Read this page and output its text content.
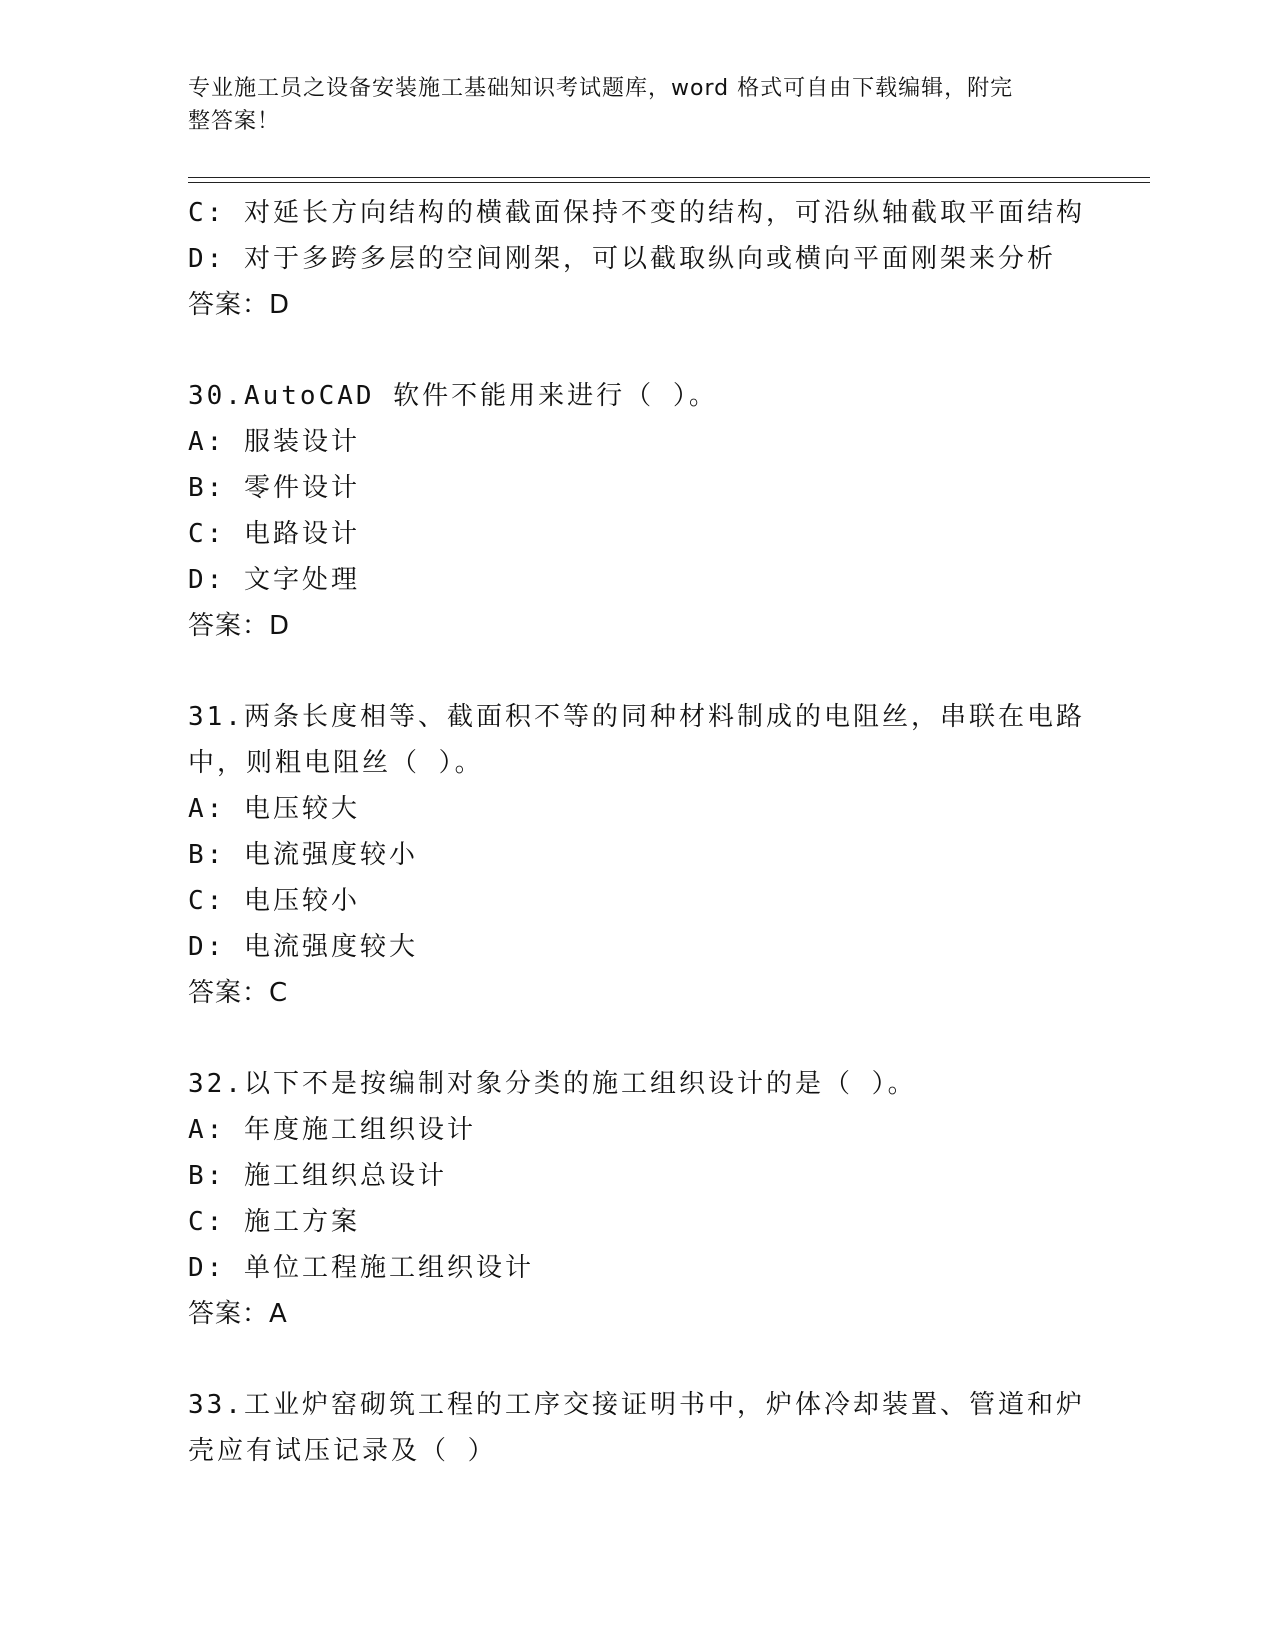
专业施工员之设备安装施工基础知识考试题库，word 格式可自由下载编辑，附完
整答案！
C: 对延长方向结构的横截面保持不变的结构，可沿纵轴截取平面结构
D: 对于多跨多层的空间刚架，可以截取纵向或横向平面刚架来分析
答案：D
30.AutoCAD 软件不能用来进行（ ）。
A: 服装设计
B: 零件设计
C: 电路设计
D: 文字处理
答案：D
31.两条长度相等、截面积不等的同种材料制成的电阻丝，串联在电路
中，则粗电阻丝（ ）。
A: 电压较大
B: 电流强度较小
C: 电压较小
D: 电流强度较大
答案：C
32.以下不是按编制对象分类的施工组织设计的是（ ）。
A: 年度施工组织设计
B: 施工组织总设计
C: 施工方案
D: 单位工程施工组织设计
答案：A
33.工业炉窑砌筑工程的工序交接证明书中，炉体冷却装置、管道和炉
壳应有试压记录及（ ）
